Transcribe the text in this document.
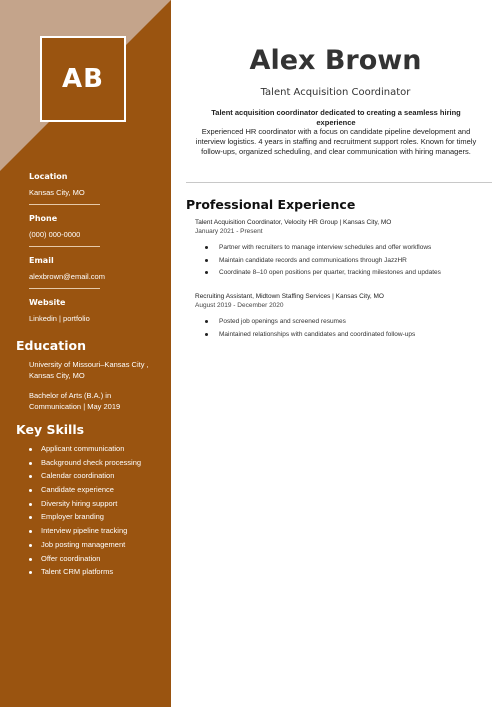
AB
Location
Kansas City, MO
Phone
(000) 000-0000
Email
alexbrown@email.com
Website
Linkedin | portfolio
Education
University of Missouri–Kansas City , Kansas City, MO
Bachelor of Arts (B.A.) in Communication | May 2019
Key Skills
Applicant communication
Background check processing
Calendar coordination
Candidate experience
Diversity hiring support
Employer branding
Interview pipeline tracking
Job posting management
Offer coordination
Talent CRM platforms
Alex Brown
Talent Acquisition Coordinator
Talent acquisition coordinator dedicated to creating a seamless hiring experience
Experienced HR coordinator with a focus on candidate pipeline development and interview logistics. 4 years in staffing and recruitment support roles. Known for timely follow-ups, organized scheduling, and clear communication with hiring managers.
Professional Experience
Talent Acquisition Coordinator, Velocity HR Group | Kansas City, MO
January 2021 - Present
Partner with recruiters to manage interview schedules and offer workflows
Maintain candidate records and communications through JazzHR
Coordinate 8–10 open positions per quarter, tracking milestones and updates
Recruiting Assistant, Midtown Staffing Services | Kansas City, MO
August 2019 - December 2020
Posted job openings and screened resumes
Maintained relationships with candidates and coordinated follow-ups
